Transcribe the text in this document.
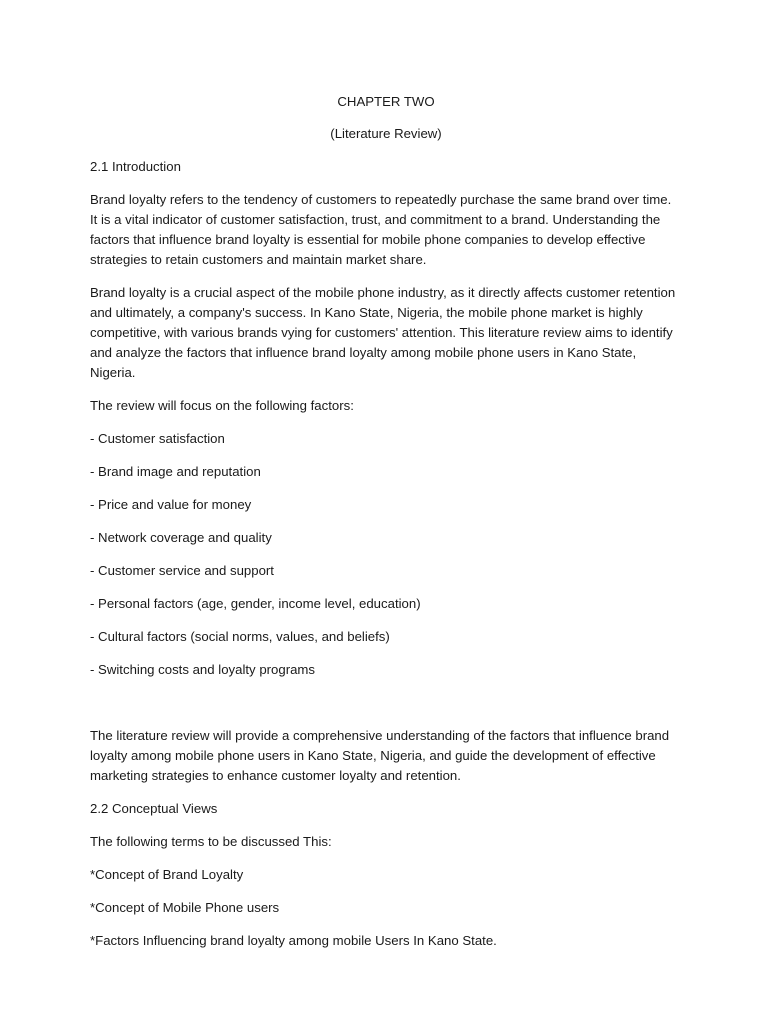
CHAPTER TWO

(Literature Review)

2.1 Introduction

Brand loyalty refers to the tendency of customers to repeatedly purchase the same brand over time. It is a vital indicator of customer satisfaction, trust, and commitment to a brand. Understanding the factors that influence brand loyalty is essential for mobile phone companies to develop effective strategies to retain customers and maintain market share.

Brand loyalty is a crucial aspect of the mobile phone industry, as it directly affects customer retention and ultimately, a company's success. In Kano State, Nigeria, the mobile phone market is highly competitive, with various brands vying for customers' attention. This literature review aims to identify and analyze the factors that influence brand loyalty among mobile phone users in Kano State, Nigeria.

The review will focus on the following factors:

- Customer satisfaction
- Brand image and reputation
- Price and value for money
- Network coverage and quality
- Customer service and support
- Personal factors (age, gender, income level, education)
- Cultural factors (social norms, values, and beliefs)
- Switching costs and loyalty programs

The literature review will provide a comprehensive understanding of the factors that influence brand loyalty among mobile phone users in Kano State, Nigeria, and guide the development of effective marketing strategies to enhance customer loyalty and retention.

2.2 Conceptual Views

The following terms to be discussed This:

*Concept of Brand Loyalty
*Concept of Mobile Phone users
*Factors Influencing brand loyalty among mobile Users In Kano State.
